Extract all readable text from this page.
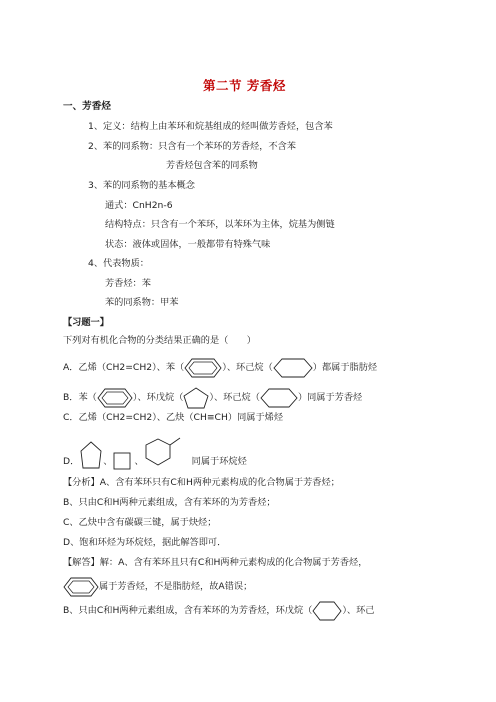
第二节 芳香烃
一、芳香烃
1、定义：结构上由苯环和烷基组成的烃叫做芳香烃，包含苯
2、苯的同系物：只含有一个苯环的芳香烃，不含苯
芳香烃包含苯的同系物
3、苯的同系物的基本概念
通式：CnH2n-6
结构特点：只含有一个苯环，以苯环为主体，烷基为侧链
状态：液体或固体，一般都带有特殊气味
4、代表物质：
芳香烃：苯
苯的同系物：甲苯
【习题一】
下列对有机化合物的分类结果正确的是（　　）
A．乙烯（CH2=CH2）、苯（	）、环己烷（	）都属于脂肪烃
B．苯（	）、环戊烷（	）、环己烷（	）同属于芳香烃
C．乙烯（CH2=CH2）、乙炔（CH≡CH）同属于烯烃
D．	、 、	同属于环烷烃
【分析】A、含有苯环只有C和H两种元素构成的化合物属于芳香烃；
B、只由C和H两种元素组成，含有苯环的为芳香烃；
C、乙炔中含有碳碳三键，属于炔烃；
D、饱和环烃为环烷烃，据此解答即可．
【解答】解：A、含有苯环且只有C和H两种元素构成的化合物属于芳香烃，
属于芳香烃，不是脂肪烃，故A错误；
B、只由C和H两种元素组成，含有苯环的为芳香烃，环戊烷（	）、环己
